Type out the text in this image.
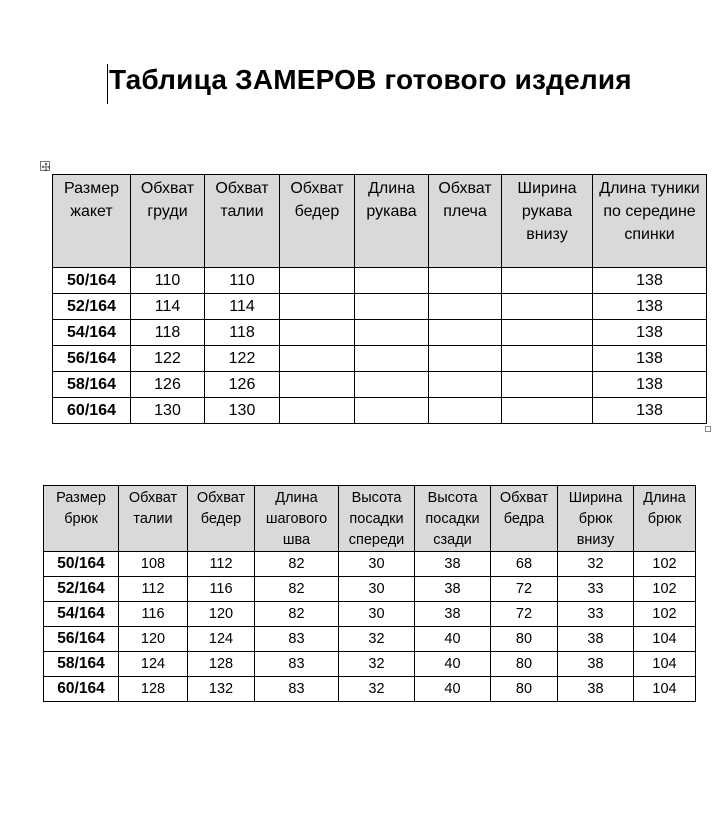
Таблица ЗАМЕРОВ готового изделия
Размер жакет	Обхват груди	Обхват талии	Обхват бедер	Длина рукава	Обхват плеча	Ширина рукава внизу	Длина туники по середине спинки
50/164	110	110					138
52/164	114	114					138
54/164	118	118					138
56/164	122	122					138
58/164	126	126					138
60/164	130	130					138
Размер брюк	Обхват талии	Обхват бедер	Длина шагового шва	Высота посадки спереди	Высота посадки сзади	Обхват бедра	Ширина брюк внизу	Длина брюк
50/164	108	112	82	30	38	68	32	102
52/164	112	116	82	30	38	72	33	102
54/164	116	120	82	30	38	72	33	102
56/164	120	124	83	32	40	80	38	104
58/164	124	128	83	32	40	80	38	104
60/164	128	132	83	32	40	80	38	104
